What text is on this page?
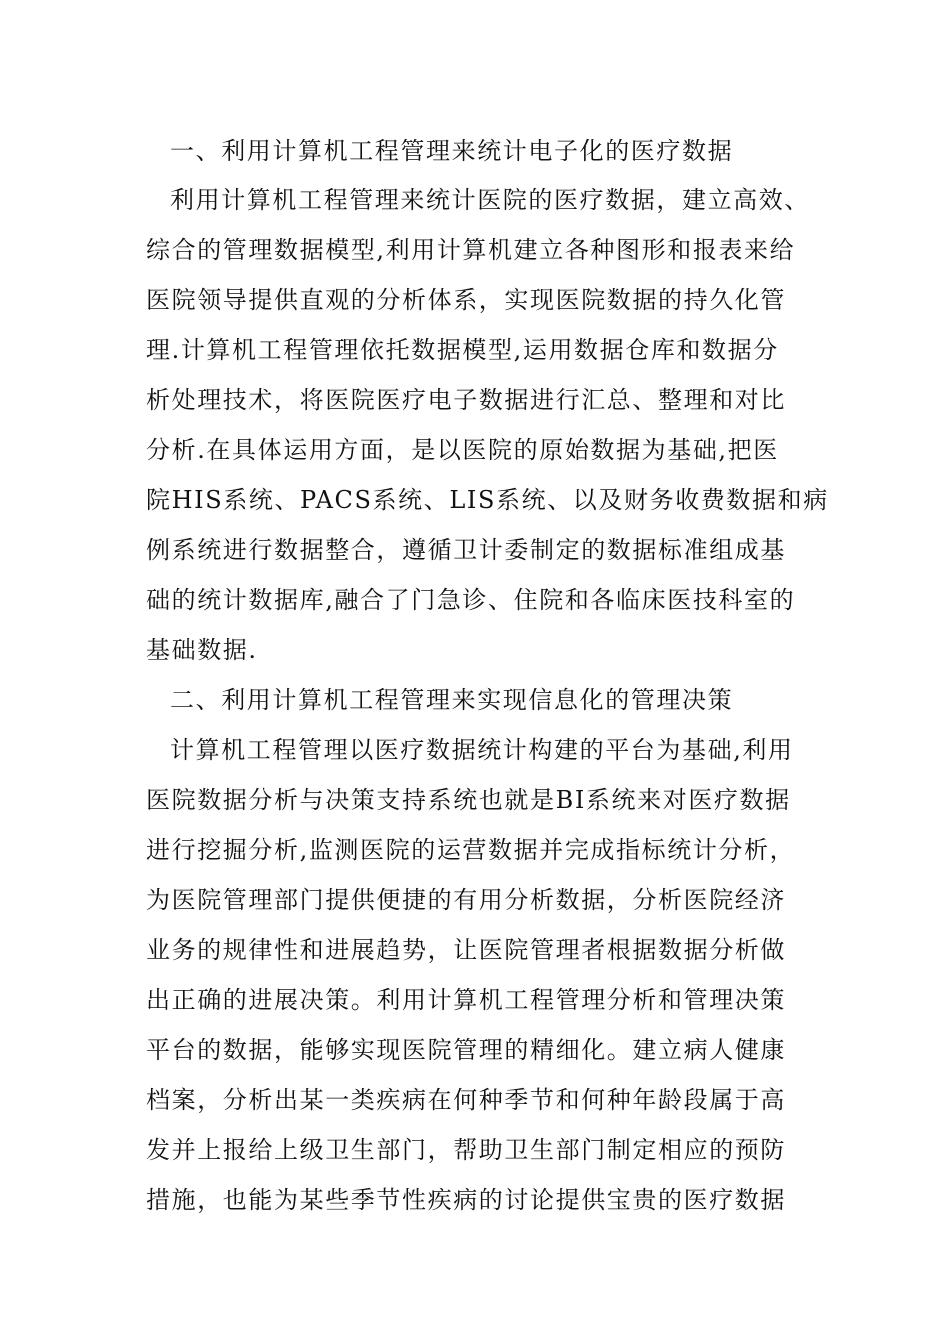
一、利用计算机工程管理来统计电子化的医疗数据
利用计算机工程管理来统计医院的医疗数据，建立高效、
综合的管理数据模型,利用计算机建立各种图形和报表来给
医院领导提供直观的分析体系，实现医院数据的持久化管
理.计算机工程管理依托数据模型,运用数据仓库和数据分
析处理技术，将医院医疗电子数据进行汇总、整理和对比
分析.在具体运用方面，是以医院的原始数据为基础,把医
院HIS系统、PACS系统、LIS系统、以及财务收费数据和病
例系统进行数据整合，遵循卫计委制定的数据标准组成基
础的统计数据库,融合了门急诊、住院和各临床医技科室的
基础数据.
二、利用计算机工程管理来实现信息化的管理决策
计算机工程管理以医疗数据统计构建的平台为基础,利用
医院数据分析与决策支持系统也就是BI系统来对医疗数据
进行挖掘分析,监测医院的运营数据并完成指标统计分析，
为医院管理部门提供便捷的有用分析数据，分析医院经济
业务的规律性和进展趋势，让医院管理者根据数据分析做
出正确的进展决策。利用计算机工程管理分析和管理决策
平台的数据，能够实现医院管理的精细化。建立病人健康
档案，分析出某一类疾病在何种季节和何种年龄段属于高
发并上报给上级卫生部门，帮助卫生部门制定相应的预防
措施，也能为某些季节性疾病的讨论提供宝贵的医疗数据
